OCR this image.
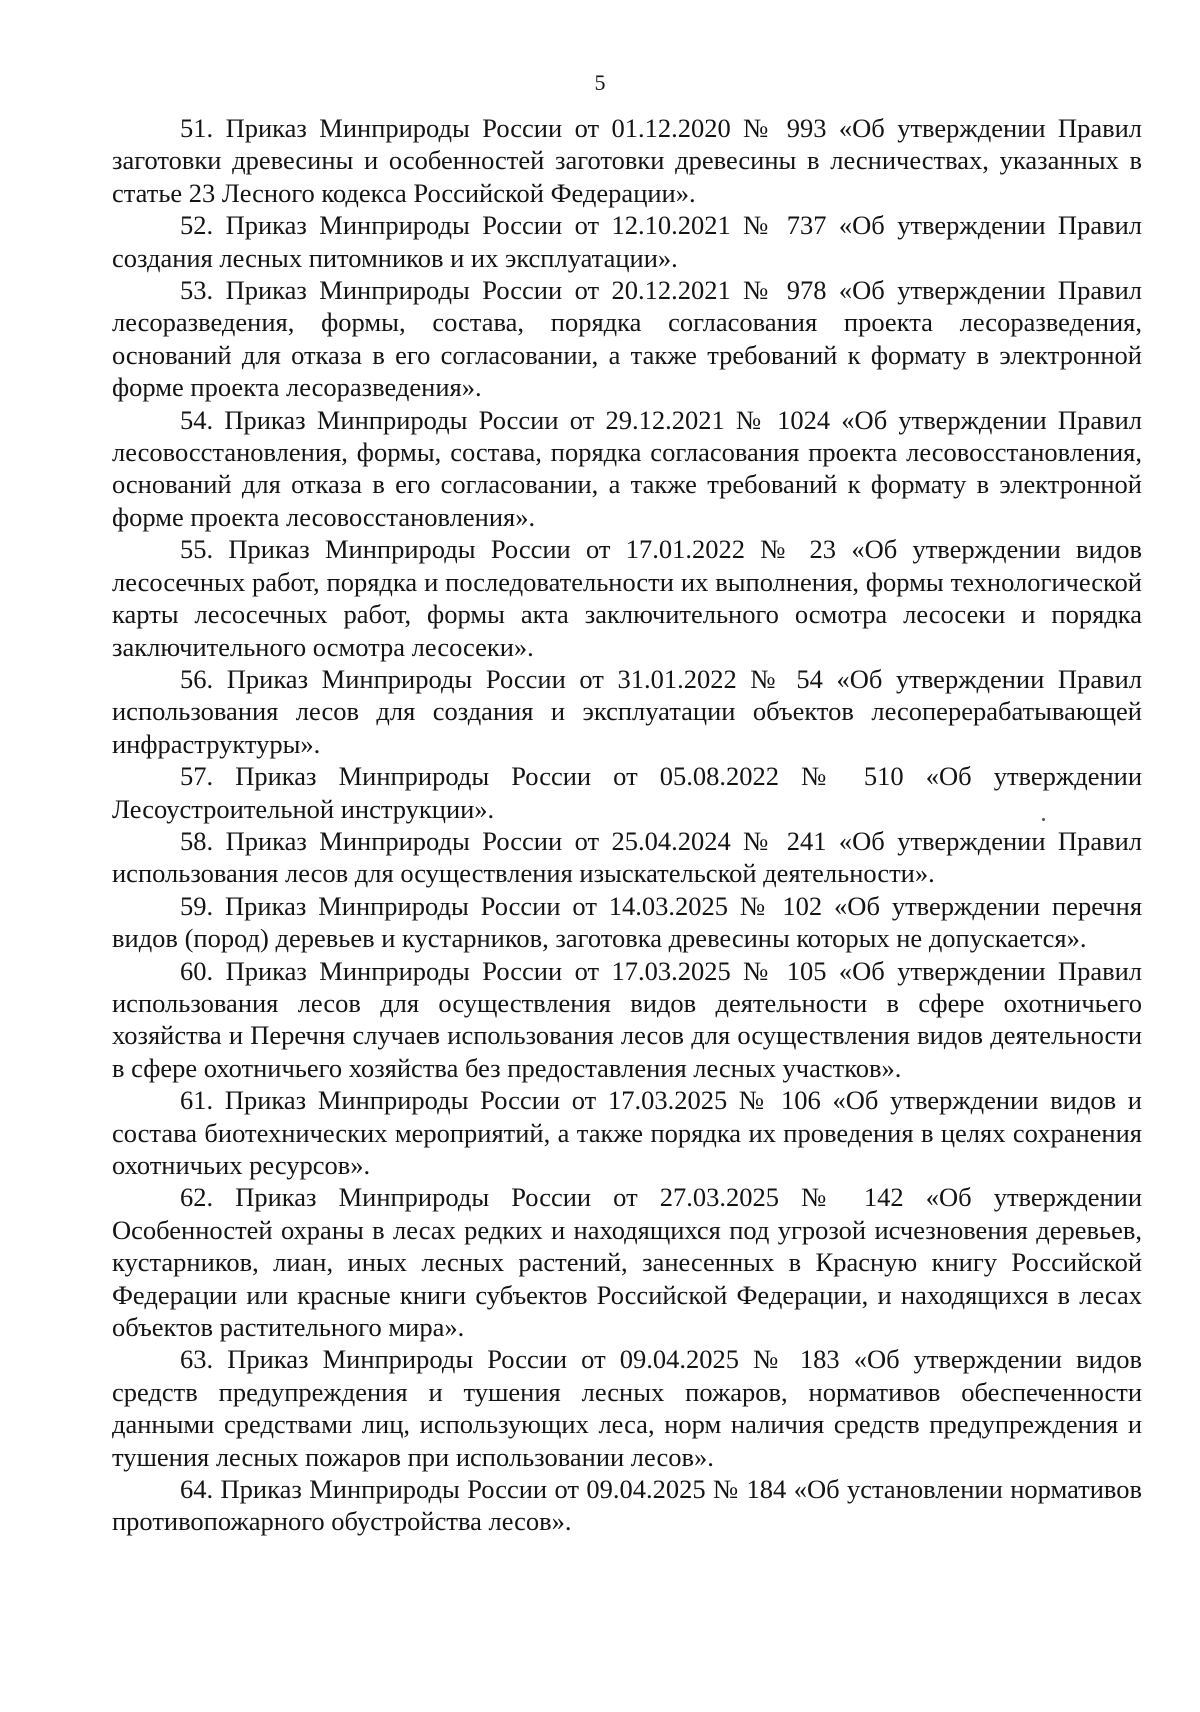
5

51. Приказ Минприроды России от 01.12.2020 № 993 «Об утверждении Правил заготовки древесины и особенностей заготовки древесины в лесничествах, указанных в статье 23 Лесного кодекса Российской Федерации».

52. Приказ Минприроды России от 12.10.2021 № 737 «Об утверждении Правил создания лесных питомников и их эксплуатации».

53. Приказ Минприроды России от 20.12.2021 № 978 «Об утверждении Правил лесоразведения, формы, состава, порядка согласования проекта лесоразведения, оснований для отказа в его согласовании, а также требований к формату в электронной форме проекта лесоразведения».

54. Приказ Минприроды России от 29.12.2021 № 1024 «Об утверждении Правил лесовосстановления, формы, состава, порядка согласования проекта лесовосстановления, оснований для отказа в его согласовании, а также требований к формату в электронной форме проекта лесовосстановления».

55. Приказ Минприроды России от 17.01.2022 № 23 «Об утверждении видов лесосечных работ, порядка и последовательности их выполнения, формы технологической карты лесосечных работ, формы акта заключительного осмотра лесосеки и порядка заключительного осмотра лесосеки».

56. Приказ Минприроды России от 31.01.2022 № 54 «Об утверждении Правил использования лесов для создания и эксплуатации объектов лесоперерабатывающей инфраструктуры».

57. Приказ Минприроды России от 05.08.2022 № 510 «Об утверждении Лесоустроительной инструкции».

58. Приказ Минприроды России от 25.04.2024 № 241 «Об утверждении Правил использования лесов для осуществления изыскательской деятельности».

59. Приказ Минприроды России от 14.03.2025 № 102 «Об утверждении перечня видов (пород) деревьев и кустарников, заготовка древесины которых не допускается».

60. Приказ Минприроды России от 17.03.2025 № 105 «Об утверждении Правил использования лесов для осуществления видов деятельности в сфере охотничьего хозяйства и Перечня случаев использования лесов для осуществления видов деятельности в сфере охотничьего хозяйства без предоставления лесных участков».

61. Приказ Минприроды России от 17.03.2025 № 106 «Об утверждении видов и состава биотехнических мероприятий, а также порядка их проведения в целях сохранения охотничьих ресурсов».

62. Приказ Минприроды России от 27.03.2025 № 142 «Об утверждении Особенностей охраны в лесах редких и находящихся под угрозой исчезновения деревьев, кустарников, лиан, иных лесных растений, занесенных в Красную книгу Российской Федерации или красные книги субъектов Российской Федерации, и находящихся в лесах объектов растительного мира».

63. Приказ Минприроды России от 09.04.2025 № 183 «Об утверждении видов средств предупреждения и тушения лесных пожаров, нормативов обеспеченности данными средствами лиц, использующих леса, норм наличия средств предупреждения и тушения лесных пожаров при использовании лесов».

64. Приказ Минприроды России от 09.04.2025 № 184 «Об установлении нормативов противопожарного обустройства лесов».
